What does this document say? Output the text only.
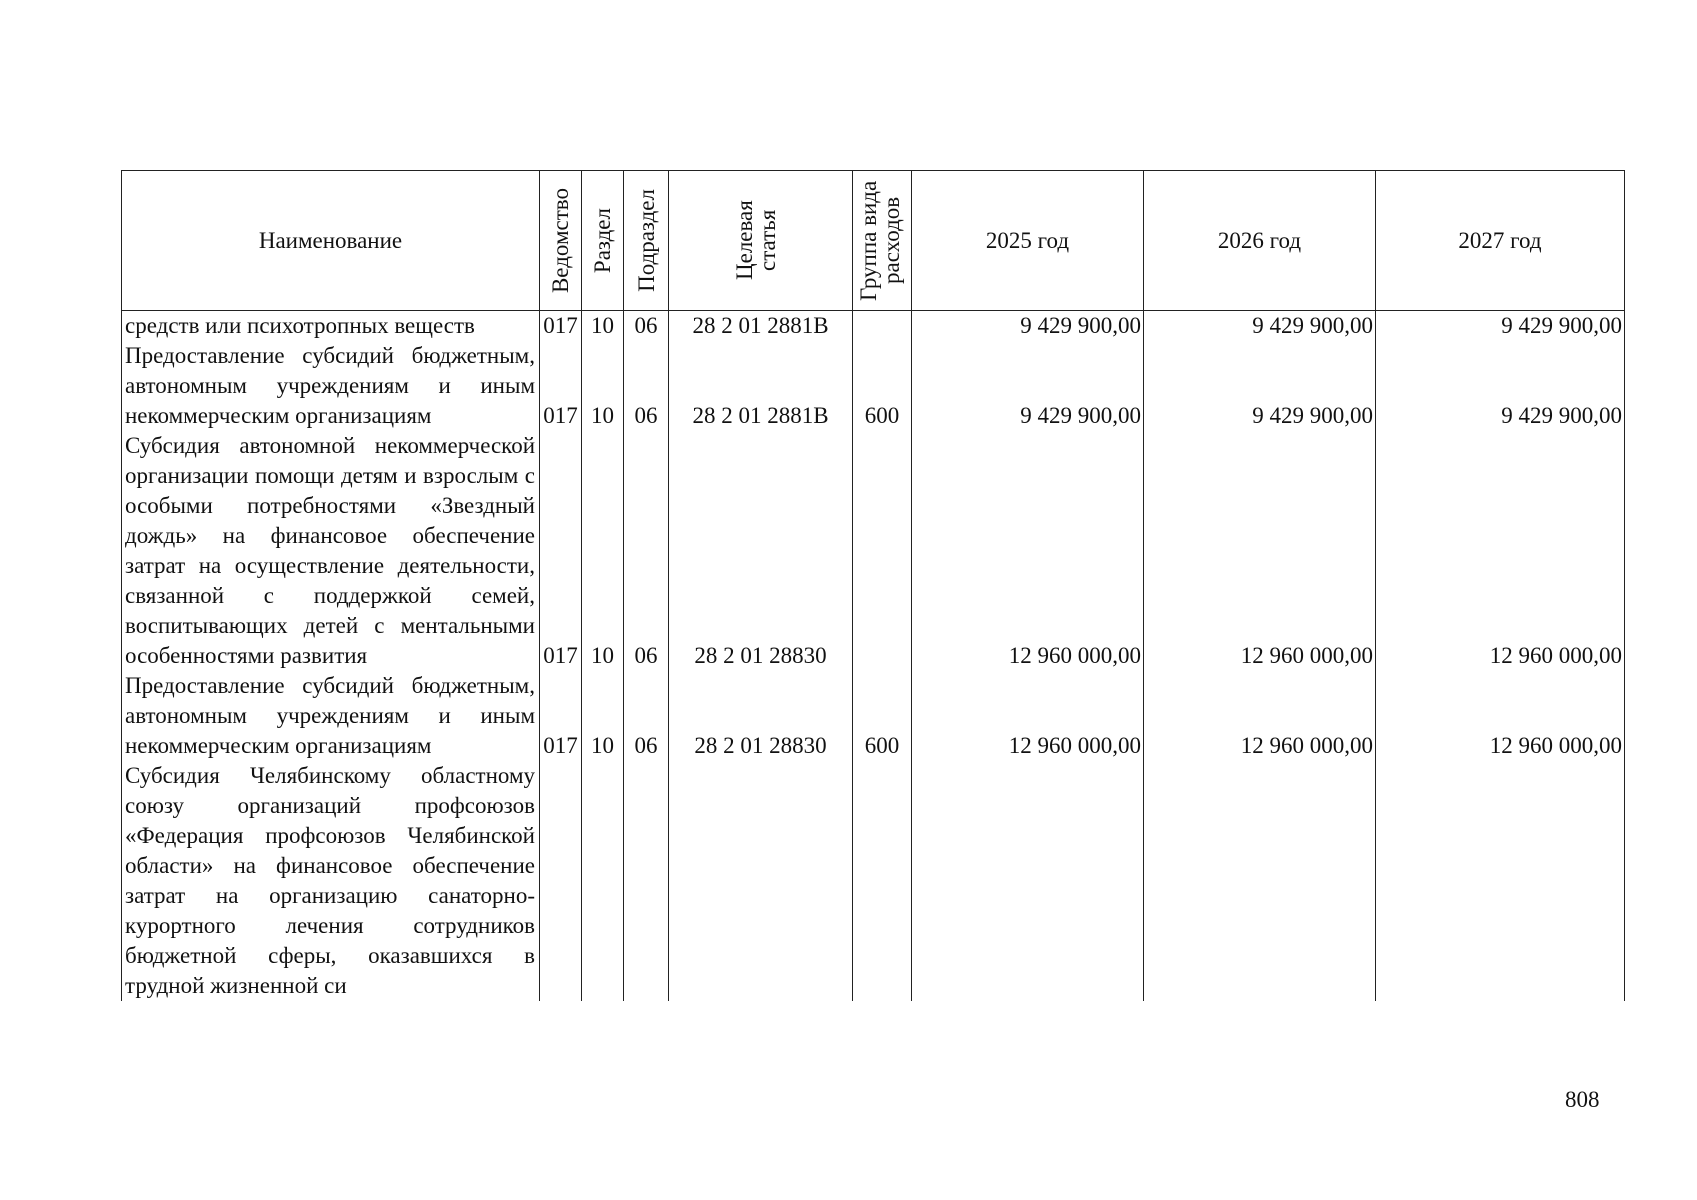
Наименование	Ведомство	Раздел	Подраздел	Целевая статья	Группа вида расходов	2025 год	2026 год	2027 год
средств или психотропных веществ	017	10	06	28 2 01 2881В		9 429 900,00	9 429 900,00	9 429 900,00
Предоставление субсидий бюджетным, автономным учреждениям и иным некоммерческим организациям	017	10	06	28 2 01 2881В	600	9 429 900,00	9 429 900,00	9 429 900,00
Субсидия автономной некоммерческой организации помощи детям и взрослым с особыми потребностями «Звездный дождь» на финансовое обеспечение затрат на осуществление деятельности, связанной с поддержкой семей, воспитывающих детей с ментальными особенностями развития	017	10	06	28 2 01 28830		12 960 000,00	12 960 000,00	12 960 000,00
Предоставление субсидий бюджетным, автономным учреждениям и иным некоммерческим организациям	017	10	06	28 2 01 28830	600	12 960 000,00	12 960 000,00	12 960 000,00
Субсидия Челябинскому областному союзу организаций профсоюзов «Федерация профсоюзов Челябинской области» на финансовое обеспечение затрат на организацию санаторно-курортного лечения сотрудников бюджетной сферы, оказавшихся в трудной жизненной си								
808
